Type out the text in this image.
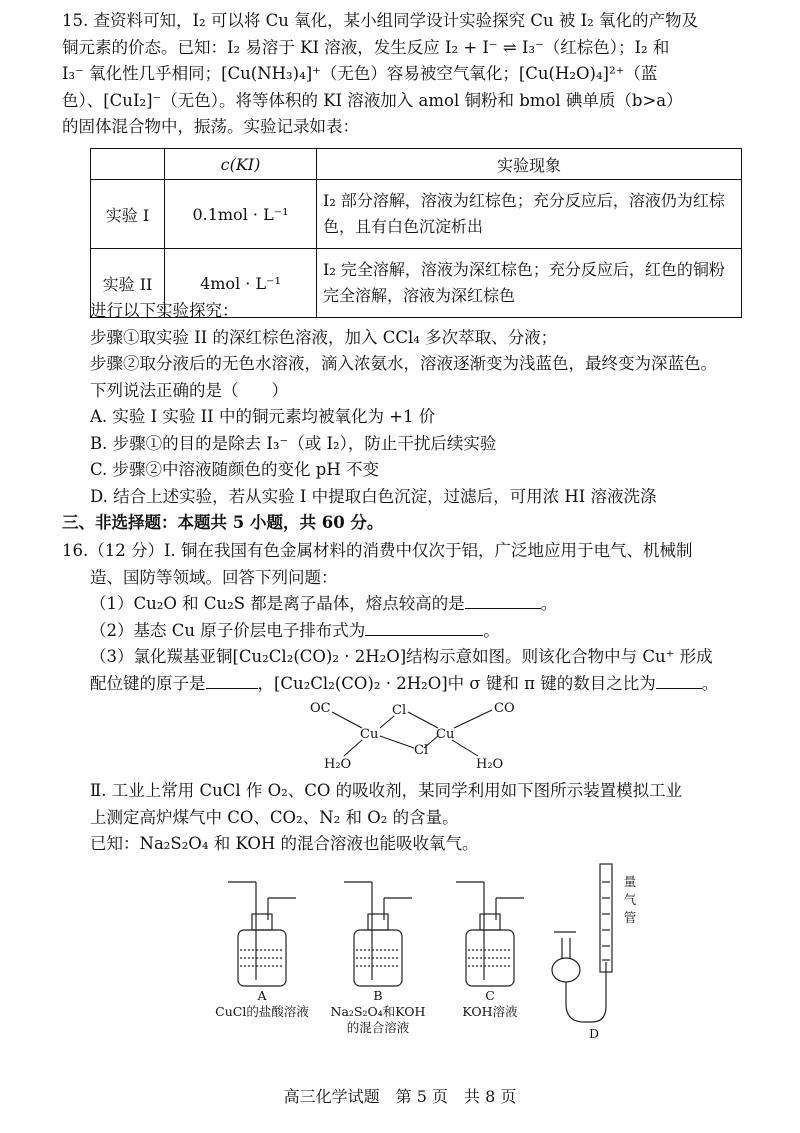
15. 查资料可知，I₂ 可以将 Cu 氧化，某小组同学设计实验探究 Cu 被 I₂ 氧化的产物及
铜元素的价态。已知：I₂ 易溶于 KI 溶液，发生反应 I₂ + I⁻ ⇌ I₃⁻（红棕色）；I₂ 和
I₃⁻ 氧化性几乎相同；[Cu(NH₃)₄]⁺（无色）容易被空气氧化；[Cu(H₂O)₄]²⁺（蓝
色）、[CuI₂]⁻（无色）。将等体积的 KI 溶液加入 amol 铜粉和 bmol 碘单质（b>a）
的固体混合物中，振荡。实验记录如表：
	c(KI)	实验现象
实验 I	0.1mol · L⁻¹	I₂ 部分溶解，溶液为红棕色；充分反应后，溶液仍为红棕色，且有白色沉淀析出
实验 II	4mol · L⁻¹	I₂ 完全溶解，溶液为深红棕色；充分反应后，红色的铜粉完全溶解，溶液为深红棕色
进行以下实验探究：
步骤①取实验 II 的深红棕色溶液，加入 CCl₄ 多次萃取、分液；
步骤②取分液后的无色水溶液，滴入浓氨水，溶液逐渐变为浅蓝色，最终变为深蓝色。
下列说法正确的是（　　）
A. 实验 I 实验 II 中的铜元素均被氧化为 +1 价
B. 步骤①的目的是除去 I₃⁻（或 I₂），防止干扰后续实验
C. 步骤②中溶液随颜色的变化 pH 不变
D. 结合上述实验，若从实验 I 中提取白色沉淀，过滤后，可用浓 HI 溶液洗涤
三、非选择题：本题共 5 小题，共 60 分。
16.（12 分）I. 铜在我国有色金属材料的消费中仅次于铝，广泛地应用于电气、机械制
造、国防等领域。回答下列问题：
（1）Cu₂O 和 Cu₂S 都是离子晶体，熔点较高的是	。
（2）基态 Cu 原子价层电子排布式为	。
（3）氯化羰基亚铜[Cu₂Cl₂(CO)₂ · 2H₂O]结构示意如图。则该化合物中与 Cu⁺ 形成
配位键的原子是	，[Cu₂Cl₂(CO)₂ · 2H₂O]中 σ 键和 π 键的数目之比为	。
OC	CO
Cl
Cl
Cu	Cu
H₂O	H₂O
Ⅱ. 工业上常用 CuCl 作 O₂、CO 的吸收剂，某同学利用如下图所示装置模拟工业
上测定高炉煤气中 CO、CO₂、N₂ 和 O₂ 的含量。
已知：Na₂S₂O₄ 和 KOH 的混合溶液也能吸收氧气。
A
CuCl的盐酸溶液
B
Na₂S₂O₄和KOH
的混合溶液
C
KOH溶液
D
量
气
管
高三化学试题　第 5 页　共 8 页
